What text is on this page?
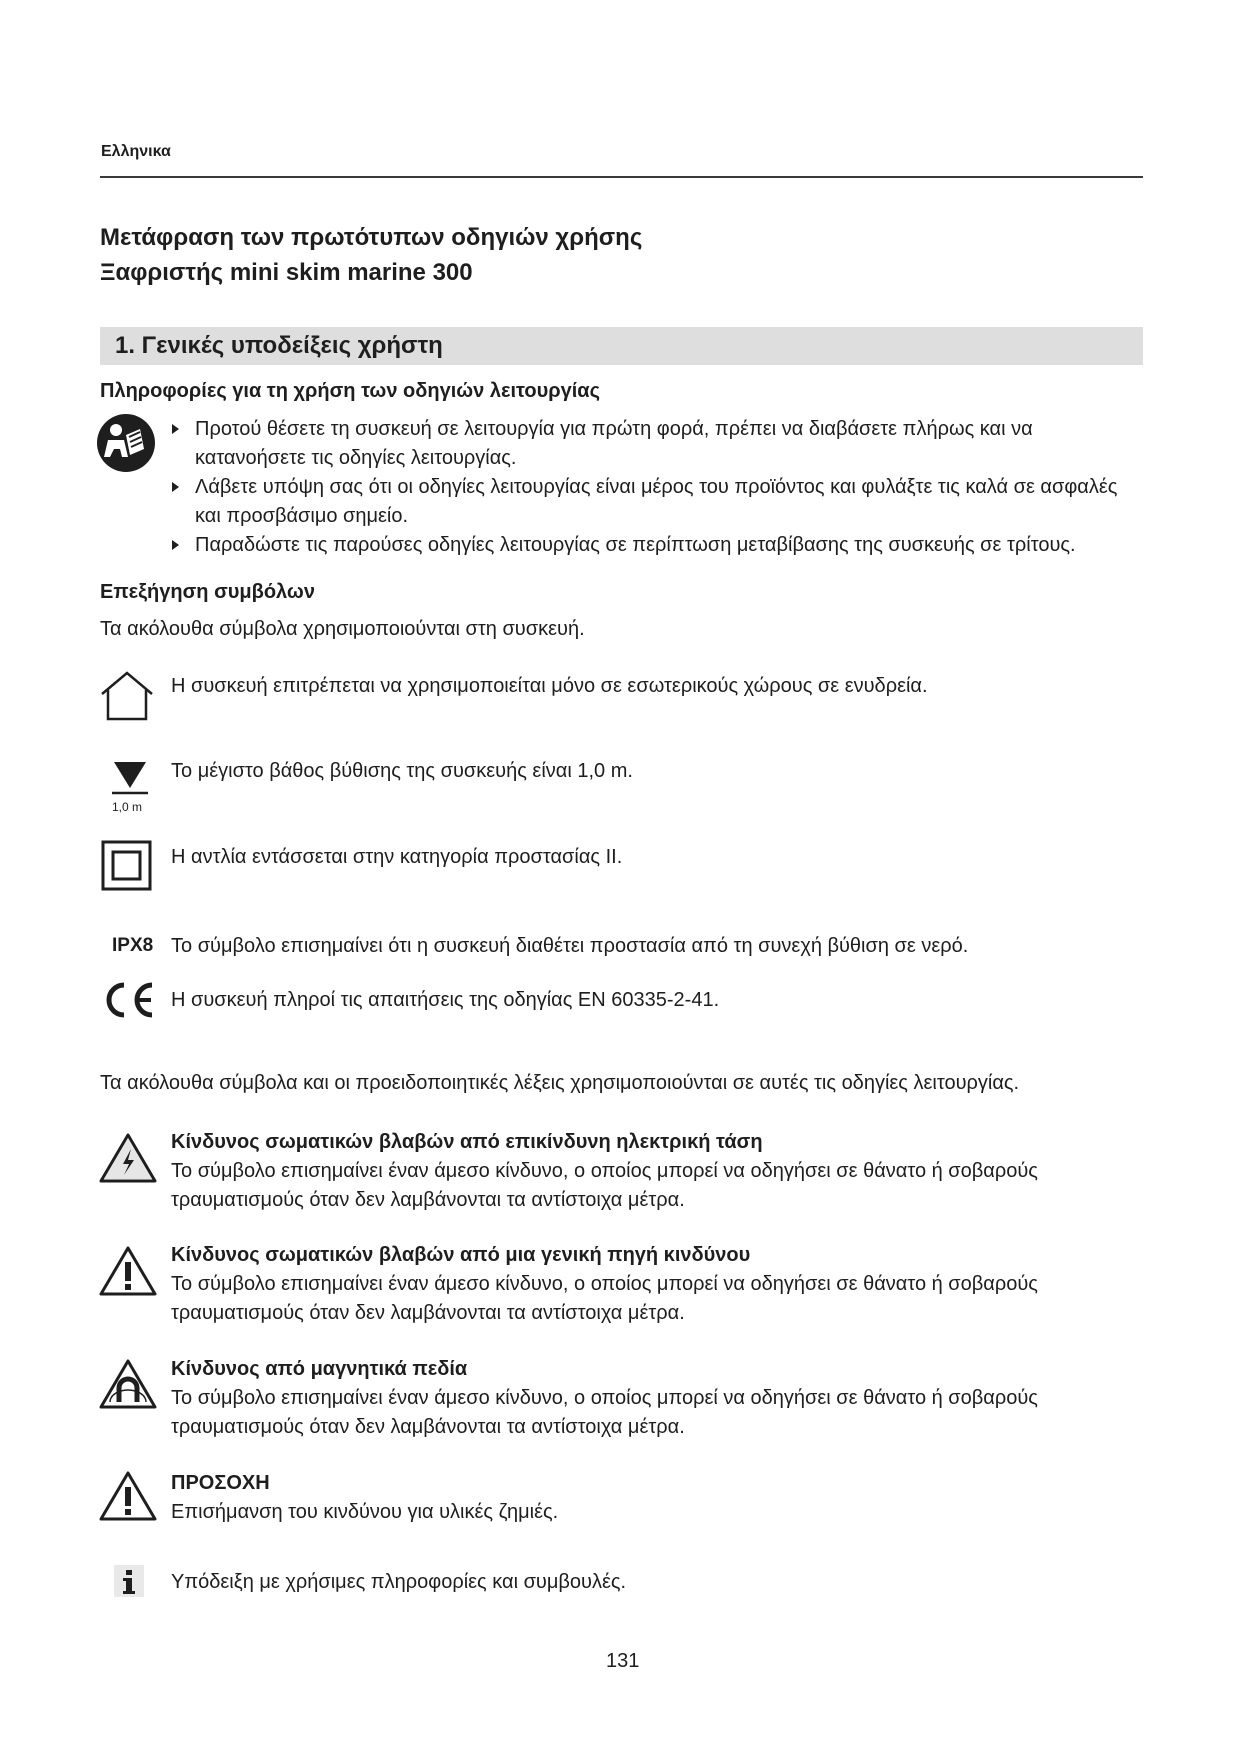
Ελληνικα
Μετάφραση των πρωτότυπων οδηγιών χρήσης
Ξαφριστής mini skim marine 300
1. Γενικές υποδείξεις χρήστη
Πληροφορίες για τη χρήση των οδηγιών λειτουργίας
Προτού θέσετε τη συσκευή σε λειτουργία για πρώτη φορά, πρέπει να διαβάσετε πλήρως και να κατανοήσετε τις οδηγίες λειτουργίας.
Λάβετε υπόψη σας ότι οι οδηγίες λειτουργίας είναι μέρος του προϊόντος και φυλάξτε τις καλά σε ασφαλές και προσβάσιμο σημείο.
Παραδώστε τις παρούσες οδηγίες λειτουργίας σε περίπτωση μεταβίβασης της συσκευής σε τρίτους.
Επεξήγηση συμβόλων
Τα ακόλουθα σύμβολα χρησιμοποιούνται στη συσκευή.
Η συσκευή επιτρέπεται να χρησιμοποιείται μόνο σε εσωτερικούς χώρους σε ενυδρεία.
1,0 m
Το μέγιστο βάθος βύθισης της συσκευής είναι 1,0 m.
Η αντλία εντάσσεται στην κατηγορία προστασίας ΙΙ.
IPX8 Το σύμβολο επισημαίνει ότι η συσκευή διαθέτει προστασία από τη συνεχή βύθιση σε νερό.
Η συσκευή πληροί τις απαιτήσεις της οδηγίας EN 60335-2-41.
Τα ακόλουθα σύμβολα και οι προειδοποιητικές λέξεις χρησιμοποιούνται σε αυτές τις οδηγίες λειτουργίας.
Κίνδυνος σωματικών βλαβών από επικίνδυνη ηλεκτρική τάση
Το σύμβολο επισημαίνει έναν άμεσο κίνδυνο, ο οποίος μπορεί να οδηγήσει σε θάνατο ή σοβαρούς τραυματισμούς όταν δεν λαμβάνονται τα αντίστοιχα μέτρα.
Κίνδυνος σωματικών βλαβών από μια γενική πηγή κινδύνου
Το σύμβολο επισημαίνει έναν άμεσο κίνδυνο, ο οποίος μπορεί να οδηγήσει σε θάνατο ή σοβαρούς τραυματισμούς όταν δεν λαμβάνονται τα αντίστοιχα μέτρα.
Κίνδυνος από μαγνητικά πεδία
Το σύμβολο επισημαίνει έναν άμεσο κίνδυνο, ο οποίος μπορεί να οδηγήσει σε θάνατο ή σοβαρούς τραυματισμούς όταν δεν λαμβάνονται τα αντίστοιχα μέτρα.
ΠΡΟΣΟΧΗ
Επισήμανση του κινδύνου για υλικές ζημιές.
Υπόδειξη με χρήσιμες πληροφορίες και συμβουλές.
131
